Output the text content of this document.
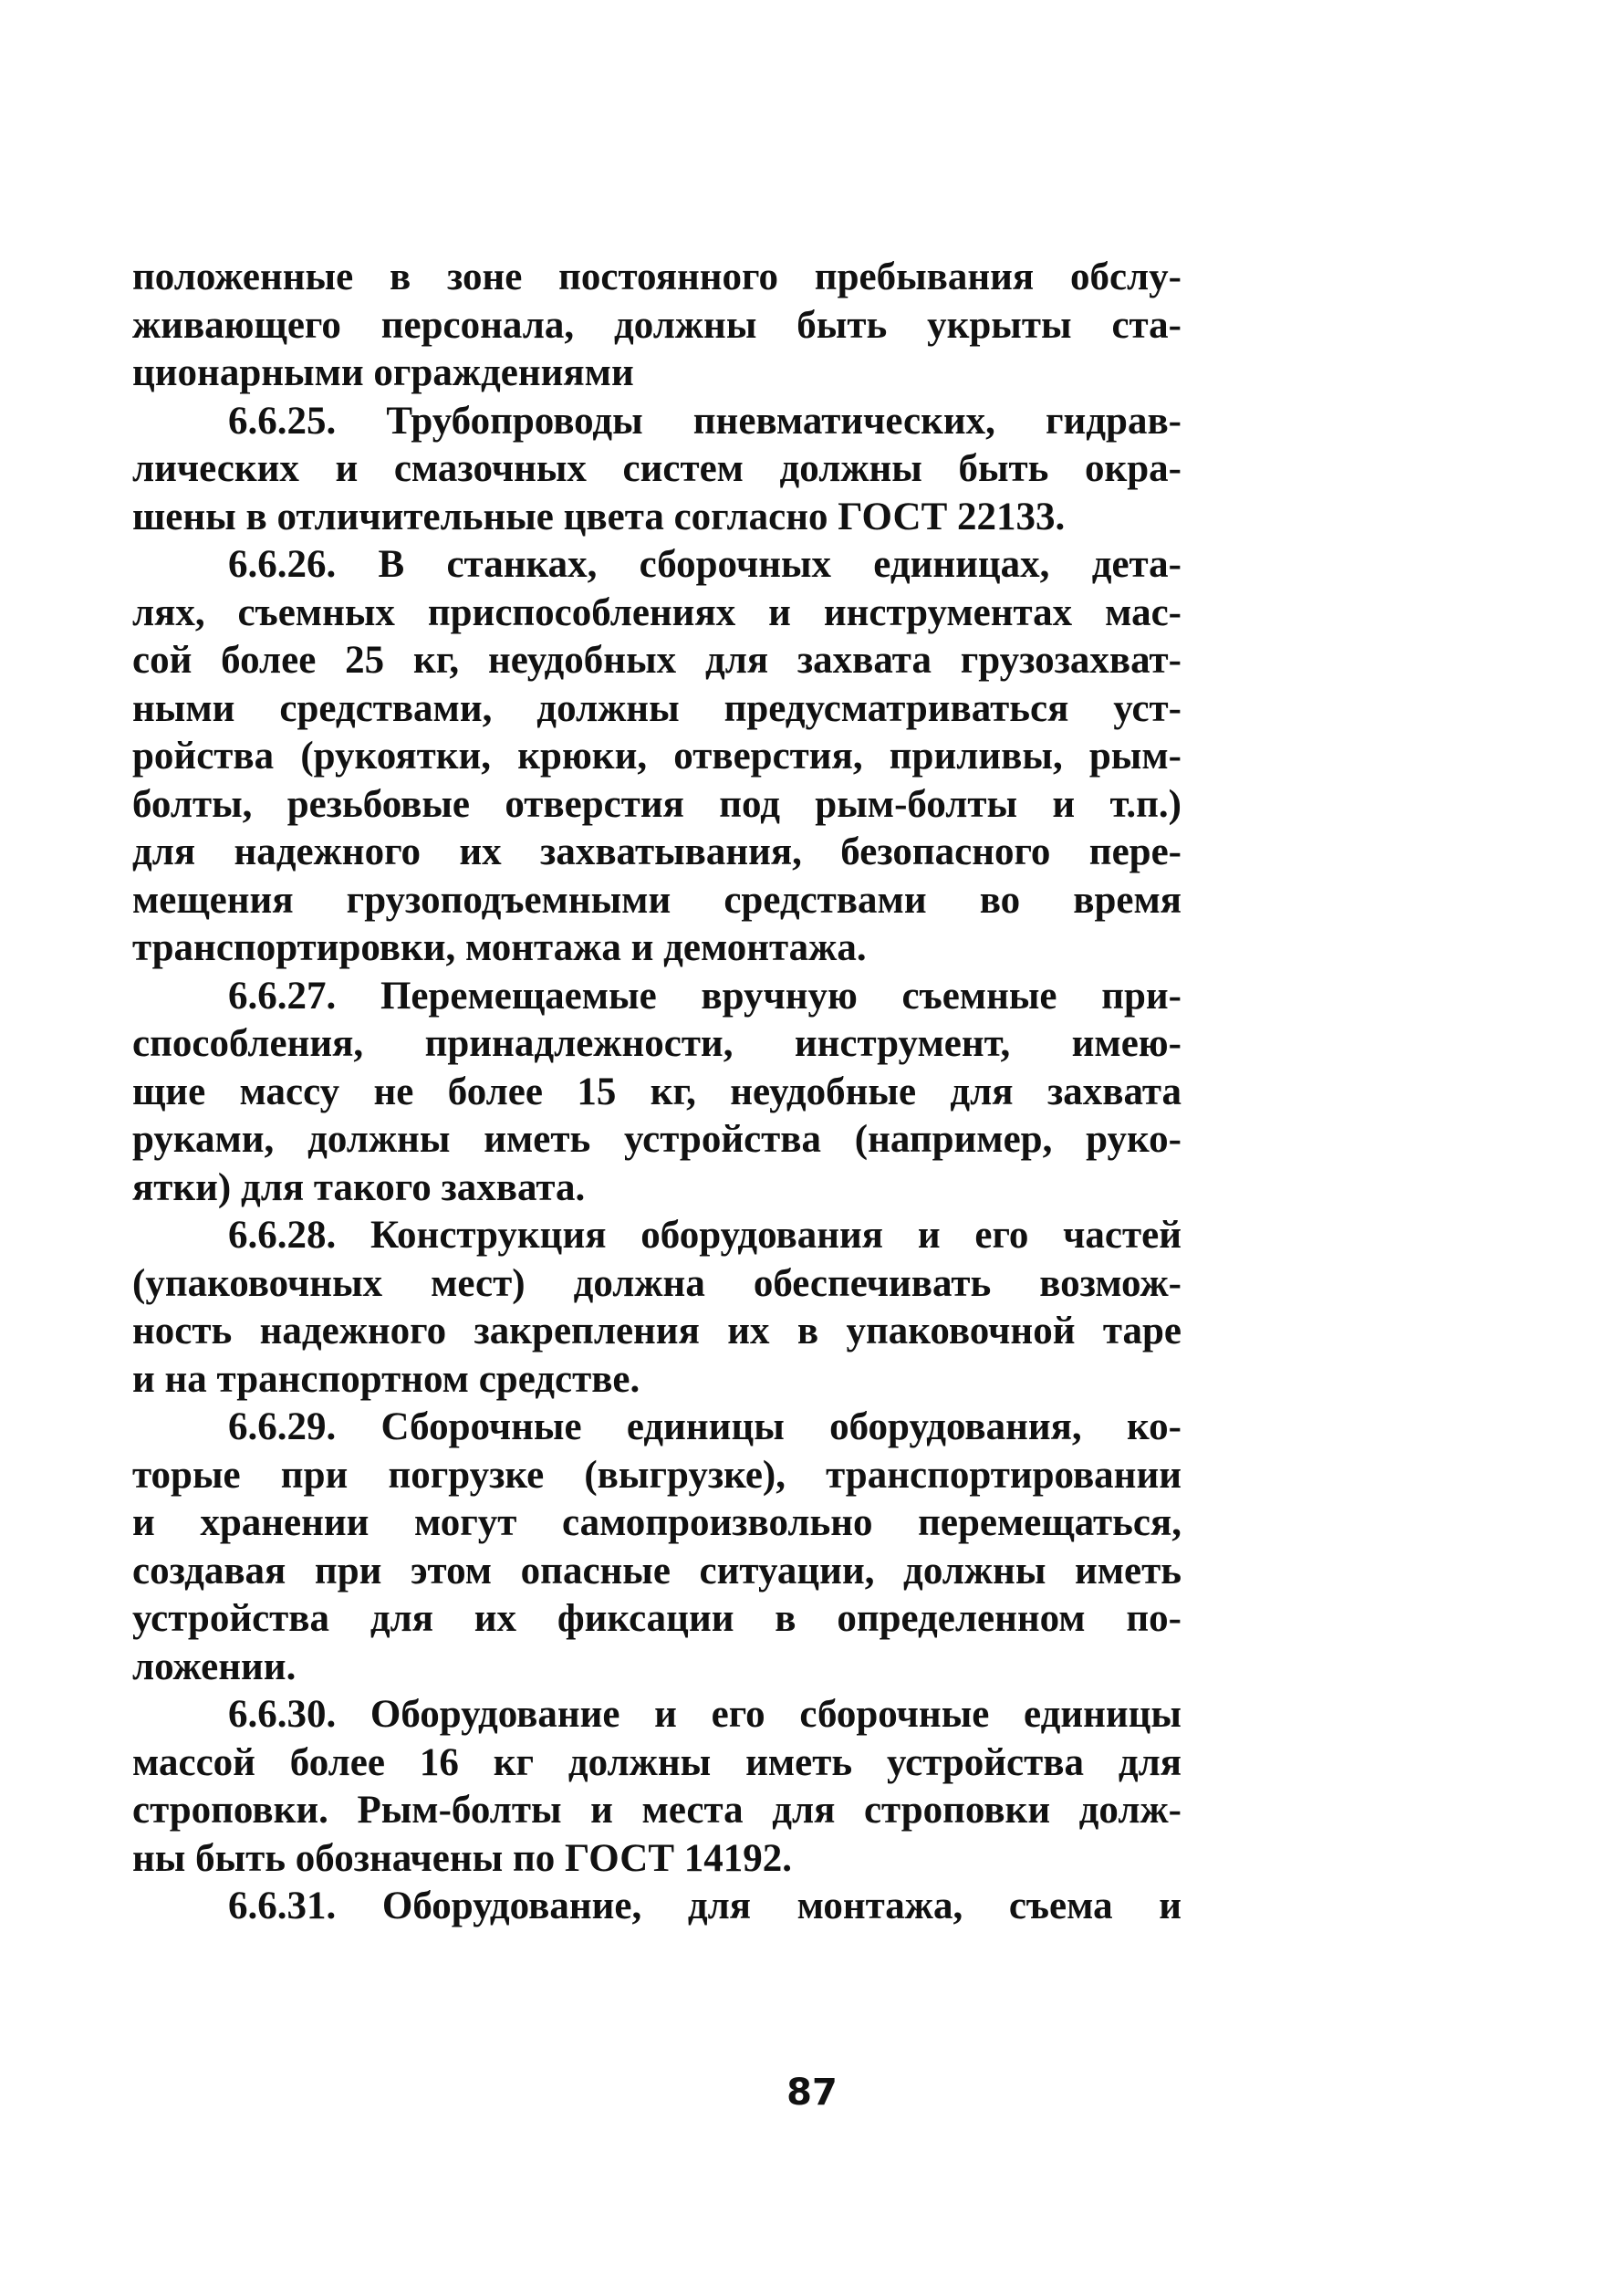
положенные в зоне постоянного пребывания обслу-
живающего персонала, должны быть укрыты ста-
ционарными ограждениями
6.6.25. Трубопроводы пневматических, гидрав-
лических и смазочных систем должны быть окра-
шены в отличительные цвета согласно ГОСТ 22133.
6.6.26. В станках, сборочных единицах, дета-
лях, съемных приспособлениях и инструментах мас-
сой более 25 кг, неудобных для захвата грузозахват-
ными средствами, должны предусматриваться уст-
ройства (рукоятки, крюки, отверстия, приливы, рым-
болты, резьбовые отверстия под рым-болты и т.п.)
для надежного их захватывания, безопасного пере-
мещения грузоподъемными средствами во время
транспортировки, монтажа и демонтажа.
6.6.27. Перемещаемые вручную съемные при-
способления, принадлежности, инструмент, имею-
щие массу не более 15 кг, неудобные для захвата
руками, должны иметь устройства (например, руко-
ятки) для такого захвата.
6.6.28. Конструкция оборудования и его частей
(упаковочных мест) должна обеспечивать возмож-
ность надежного закрепления их в упаковочной таре
и на транспортном средстве.
6.6.29. Сборочные единицы оборудования, ко-
торые при погрузке (выгрузке), транспортировании
и хранении могут самопроизвольно перемещаться,
создавая при этом опасные ситуации, должны иметь
устройства для их фиксации в определенном по-
ложении.
6.6.30. Оборудование и его сборочные единицы
массой более 16 кг должны иметь устройства для
строповки. Рым-болты и места для строповки долж-
ны быть обозначены по ГОСТ 14192.
6.6.31. Оборудование, для монтажа, съема и
87
